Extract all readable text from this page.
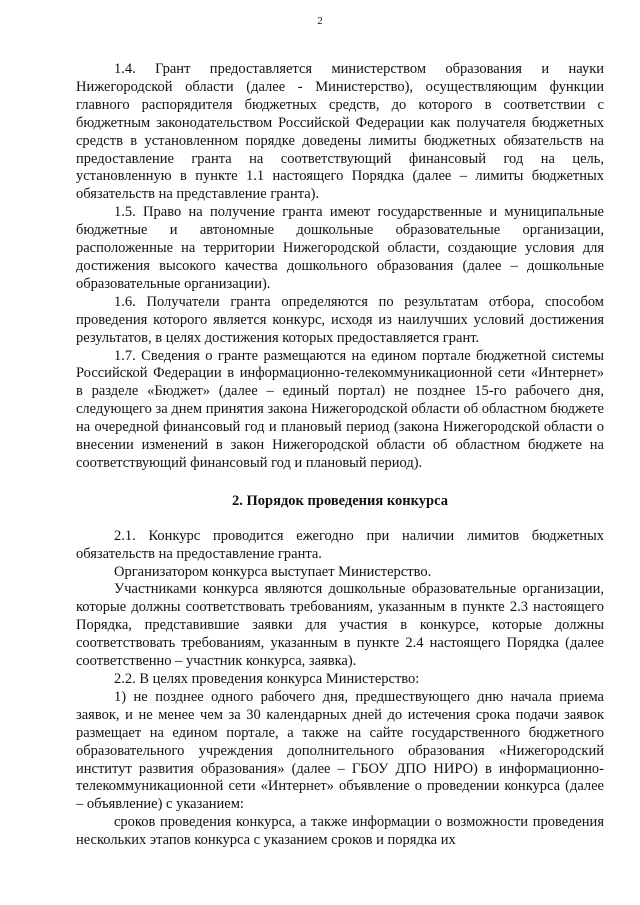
2

1.4. Грант предоставляется министерством образования и науки Нижегородской области (далее - Министерство), осуществляющим функции главного распорядителя бюджетных средств, до которого в соответствии с бюджетным законодательством Российской Федерации как получателя бюджетных средств в установленном порядке доведены лимиты бюджетных обязательств на предоставление гранта на соответствующий финансовый год на цель, установленную в пункте 1.1 настоящего Порядка (далее – лимиты бюджетных обязательств на представление гранта).

1.5. Право на получение гранта имеют государственные и муниципальные бюджетные и автономные дошкольные образовательные организации, расположенные на территории Нижегородской области, создающие условия для достижения высокого качества дошкольного образования (далее – дошкольные образовательные организации).

1.6. Получатели гранта определяются по результатам отбора, способом проведения которого является конкурс, исходя из наилучших условий достижения результатов, в целях достижения которых предоставляется грант.

1.7. Сведения о гранте размещаются на едином портале бюджетной системы Российской Федерации в информационно-телекоммуникационной сети «Интернет» в разделе «Бюджет» (далее – единый портал) не позднее 15-го рабочего дня, следующего за днем принятия закона Нижегородской области об областном бюджете на очередной финансовый год и плановый период (закона Нижегородской области о внесении изменений в закон Нижегородской области об областном бюджете на соответствующий финансовый год и плановый период).

2. Порядок проведения конкурса

2.1. Конкурс проводится ежегодно при наличии лимитов бюджетных обязательств на предоставление гранта.

Организатором конкурса выступает Министерство.

Участниками конкурса являются дошкольные образовательные организации, которые должны соответствовать требованиям, указанным в пункте 2.3 настоящего Порядка, представившие заявки для участия в конкурсе, которые должны соответствовать требованиям, указанным в пункте 2.4 настоящего Порядка (далее соответственно – участник конкурса, заявка).

2.2. В целях проведения конкурса Министерство:

1) не позднее одного рабочего дня, предшествующего дню начала приема заявок, и не менее чем за 30 календарных дней до истечения срока подачи заявок размещает на едином портале, а также на сайте государственного бюджетного образовательного учреждения дополнительного образования «Нижегородский институт развития образования» (далее – ГБОУ ДПО НИРО) в информационно-телекоммуникационной сети «Интернет» объявление о проведении конкурса (далее – объявление) с указанием:

сроков проведения конкурса, а также информации о возможности проведения нескольких этапов конкурса с указанием сроков и порядка их
